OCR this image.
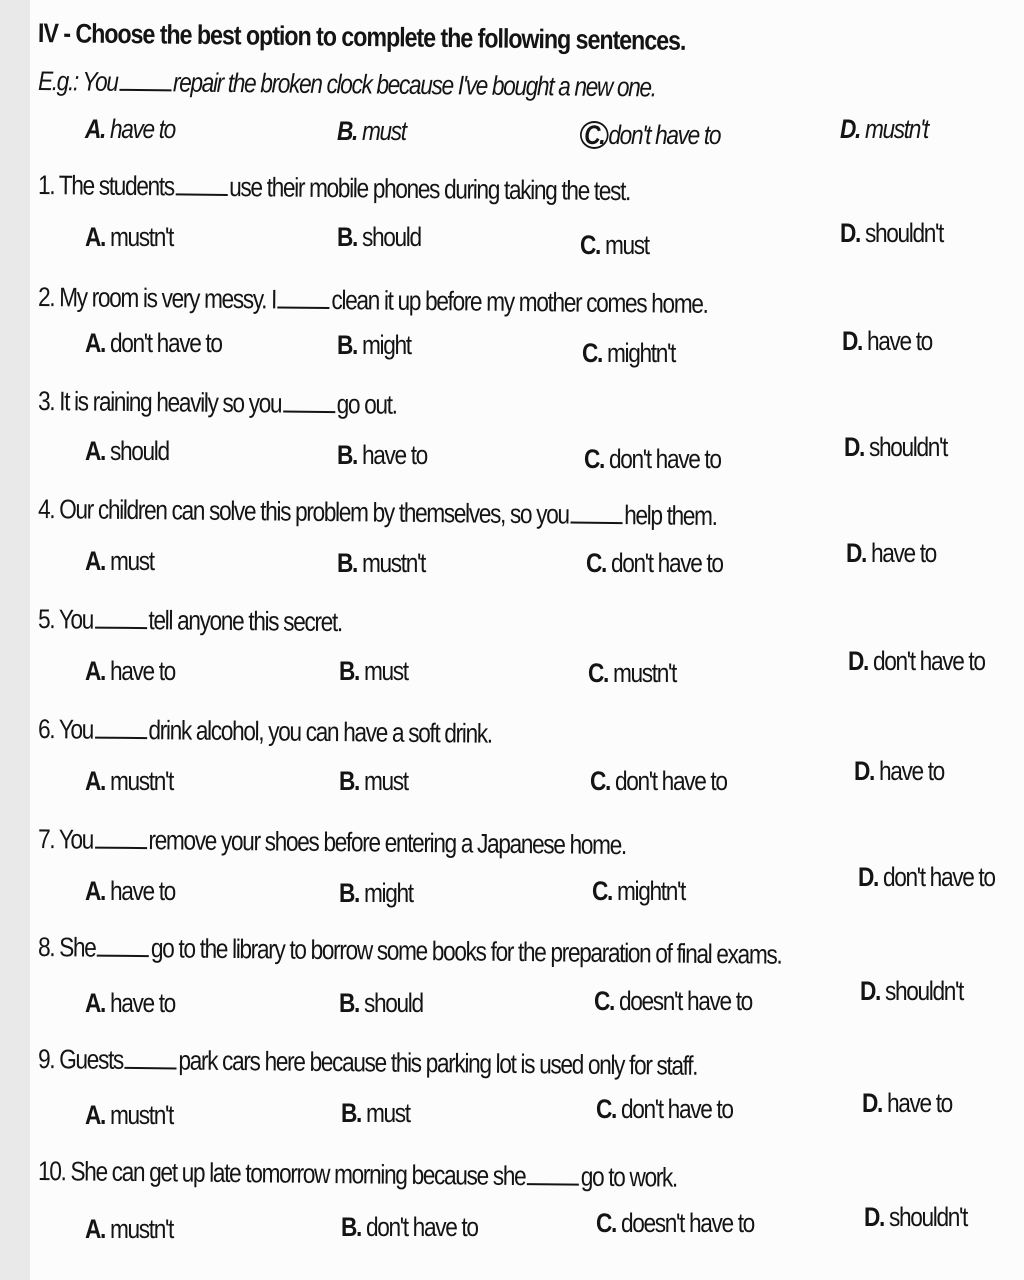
IV - Choose the best option to complete the following sentences.
E.g.: You repair the broken clock because I've bought a new one.
A. have to	B. must	C. don't have to	D. mustn't
1. The students use their mobile phones during taking the test.
A. mustn't	B. should	C. must	D. shouldn't
2. My room is very messy. I clean it up before my mother comes home.
A. don't have to	B. might	C. mightn't	D. have to
3. It is raining heavily so you go out.
A. should	B. have to	C. don't have to	D. shouldn't
4. Our children can solve this problem by themselves, so you help them.
A. must	B. mustn't	C. don't have to	D. have to
5. You tell anyone this secret.
A. have to	B. must	C. mustn't	D. don't have to
6. You drink alcohol, you can have a soft drink.
A. mustn't	B. must	C. don't have to	D. have to
7. You remove your shoes before entering a Japanese home.
A. have to	B. might	C. mightn't	D. don't have to
8. She go to the library to borrow some books for the preparation of final exams.
A. have to	B. should	C. doesn't have to	D. shouldn't
9. Guests park cars here because this parking lot is used only for staff.
A. mustn't	B. must	C. don't have to	D. have to
10. She can get up late tomorrow morning because she go to work.
A. mustn't	B. don't have to	C. doesn't have to	D. shouldn't
